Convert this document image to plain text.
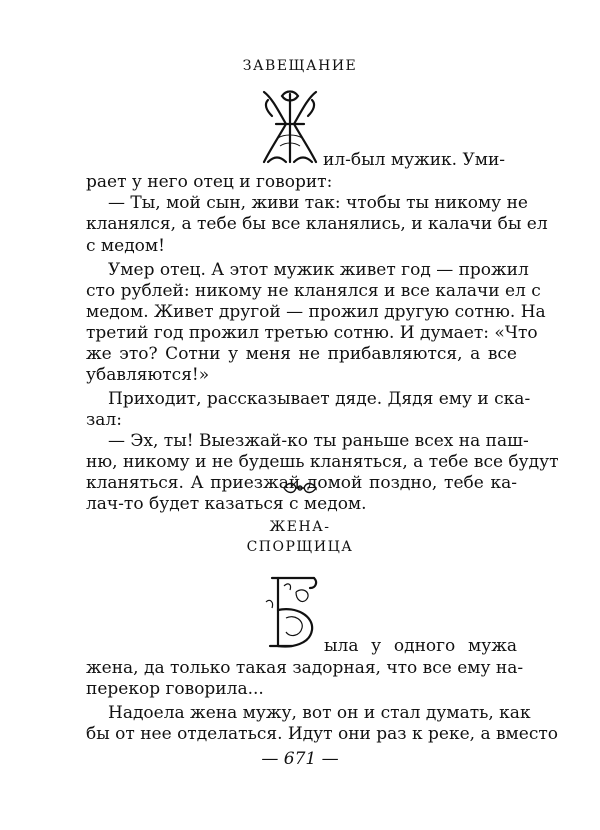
ЗАВЕЩАНИЕ
ил-был мужик. Уми-
рает у него отец и говорит:
— Ты, мой сын, живи так: чтобы ты никому не
кланялся, а тебе бы все кланялись, и калачи бы ел
с медом!
Умер отец. А этот мужик живет год — прожил
сто рублей: никому не кланялся и все калачи ел с
медом. Живет другой — прожил другую сотню. На
третий год прожил третью сотню. И думает: «Что
же это? Сотни у меня не прибавляются, а все
убавляются!»
Приходит, рассказывает дяде. Дядя ему и ска-
зал:
— Эх, ты! Выезжай-ко ты раньше всех на паш-
ню, никому и не будешь кланяться, а тебе все будут
кланяться. А приезжай домой поздно, тебе ка-
лач-то будет казаться с медом.
ЖЕНА-
СПОРЩИЦА
ыла у одного мужа
жена, да только такая задорная, что все ему на-
перекор говорила...
Надоела жена мужу, вот он и стал думать, как
бы от нее отделаться. Идут они раз к реке, а вместо
— 671 —
